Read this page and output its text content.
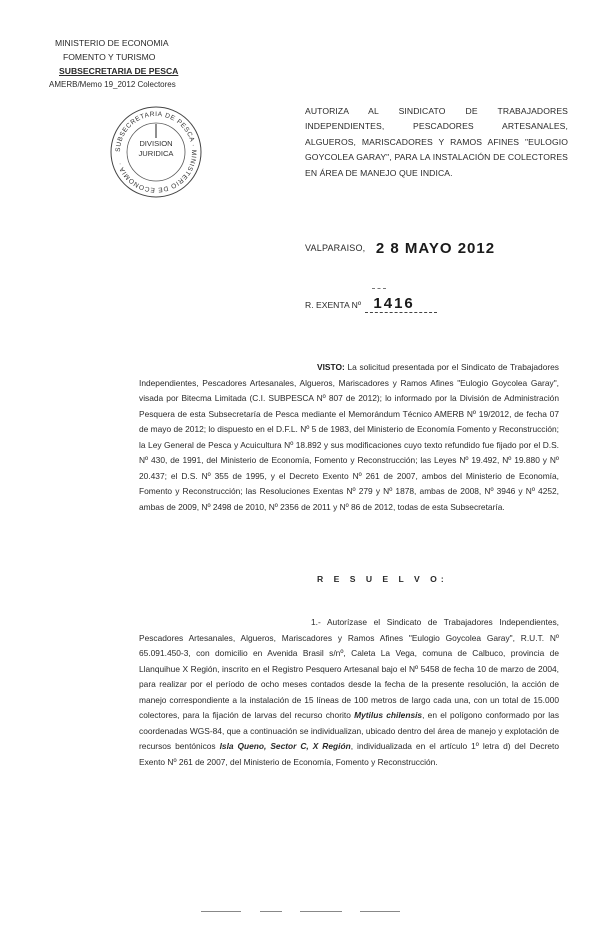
MINISTERIO DE ECONOMIA
FOMENTO Y TURISMO
SUBSECRETARIA DE PESCA
AMERB/Memo 19_2012 Colectores
SUBSECRETARIA DE PESCA · MINISTERIO DE ECONOMIA ·
DIVISION
JURIDICA
AUTORIZA AL SINDICATO DE TRABAJADORES INDEPENDIENTES, PESCADORES ARTESANALES, ALGUEROS, MARISCADORES Y RAMOS AFINES "EULOGIO GOYCOLEA GARAY", PARA LA INSTALACIÓN DE COLECTORES EN ÁREA DE MANEJO QUE INDICA.
VALPARAISO, 2 8 MAYO 2012
R. EXENTA Nº 1416
VISTO: La solicitud presentada por el Sindicato de Trabajadores Independientes, Pescadores Artesanales, Algueros, Mariscadores y Ramos Afines "Eulogio Goycolea Garay", visada por Bitecma Limitada (C.I. SUBPESCA Nº 807 de 2012); lo informado por la División de Administración Pesquera de esta Subsecretaría de Pesca mediante el Memorándum Técnico AMERB Nº 19/2012, de fecha 07 de mayo de 2012; lo dispuesto en el D.F.L. Nº 5 de 1983, del Ministerio de Economía Fomento y Reconstrucción; la Ley General de Pesca y Acuicultura Nº 18.892 y sus modificaciones cuyo texto refundido fue fijado por el D.S. Nº 430, de 1991, del Ministerio de Economía, Fomento y Reconstrucción; las Leyes Nº 19.492, Nº 19.880 y Nº 20.437; el D.S. Nº 355 de 1995, y el Decreto Exento Nº 261 de 2007, ambos del Ministerio de Economía, Fomento y Reconstrucción; las Resoluciones Exentas Nº 279 y Nº 1878, ambas de 2008, Nº 3946 y Nº 4252, ambas de 2009, Nº 2498 de 2010, Nº 2356 de 2011 y Nº 86 de 2012, todas de esta Subsecretaría.
R E S U E L V O:
1.- Autorízase el Sindicato de Trabajadores Independientes, Pescadores Artesanales, Algueros, Mariscadores y Ramos Afines "Eulogio Goycolea Garay", R.U.T. Nº 65.091.450-3, con domicilio en Avenida Brasil s/nº, Caleta La Vega, comuna de Calbuco, provincia de Llanquihue X Región, inscrito en el Registro Pesquero Artesanal bajo el Nº 5458 de fecha 10 de marzo de 2004, para realizar por el período de ocho meses contados desde la fecha de la presente resolución, la acción de manejo correspondiente a la instalación de 15 líneas de 100 metros de largo cada una, con un total de 15.000 colectores, para la fijación de larvas del recurso chorito Mytilus chilensis, en el polígono conformado por las coordenadas WGS-84, que a continuación se individualizan, ubicado dentro del área de manejo y explotación de recursos bentónicos Isla Queno, Sector C, X Región, individualizada en el artículo 1º letra d) del Decreto Exento Nº 261 de 2007, del Ministerio de Economía, Fomento y Reconstrucción.
